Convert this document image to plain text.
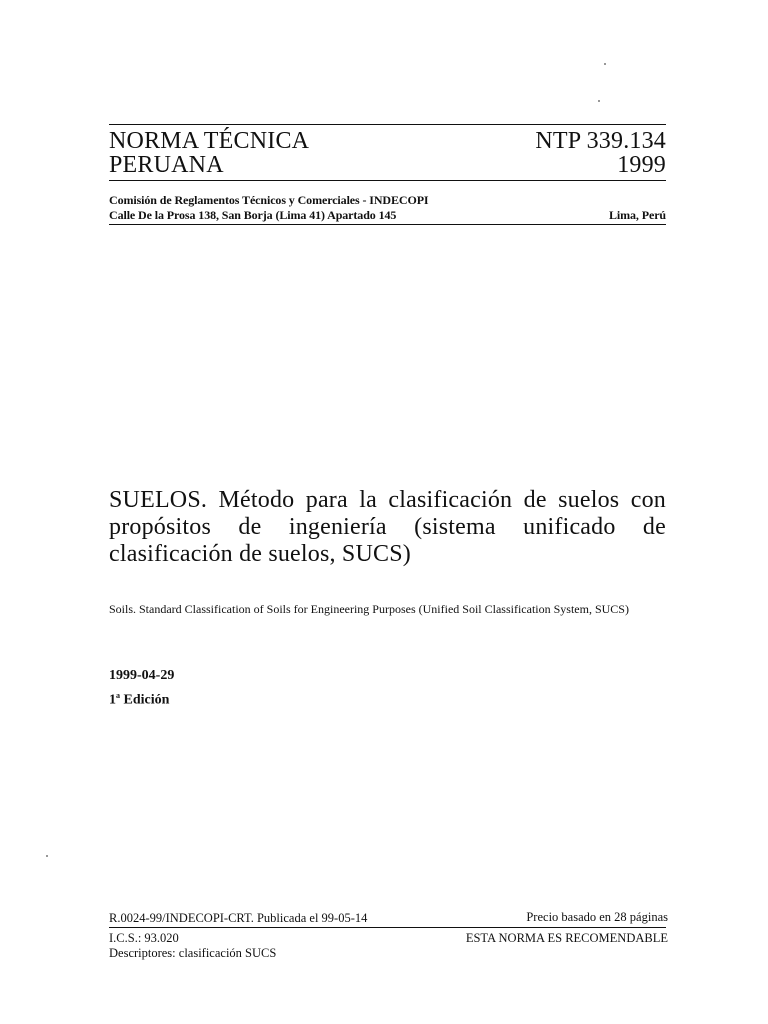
NORMA TÉCNICA
PERUANA
NTP 339.134
1999
Comisión de Reglamentos Técnicos y Comerciales - INDECOPI
Calle De la Prosa 138, San Borja (Lima 41) Apartado 145	Lima, Perú
SUELOS. Método para la clasificación de suelos con propósitos de ingeniería (sistema unificado de clasificación de suelos, SUCS)
Soils. Standard Classification of Soils for Engineering Purposes (Unified Soil Classification System, SUCS)
1999-04-29
1$^a$ Edición
R.0024-99/INDECOPI-CRT. Publicada el 99-05-14	Precio basado en 28 páginas
I.C.S.: 93.020	ESTA NORMA ES RECOMENDABLE
Descriptores: clasificación SUCS
